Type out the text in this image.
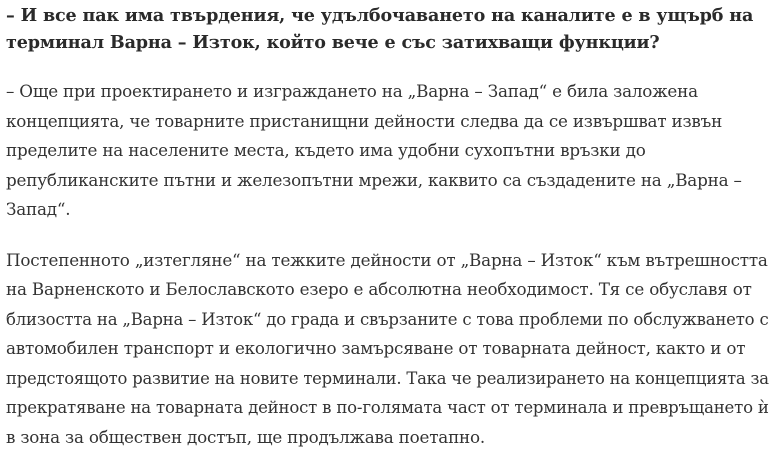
– И все пак има твърдения, че удълбочаването на каналите е в ущърб на
терминал Варна – Изток, който вече е със затихващи функции?

– Още при проектирането и изграждането на „Варна – Запад“ е била заложена
концепцията, че товарните пристанищни дейности следва да се извършват извън
пределите на населените места, където има удобни сухопътни връзки до
републиканските пътни и железопътни мрежи, каквито са създадените на „Варна –
Запад“.

Постепенното „изтегляне“ на тежките дейности от „Варна – Изток“ към вътрешността
на Варненското и Белославското езеро е абсолютна необходимост. Тя се обуславя от
близостта на „Варна – Изток“ до града и свързаните с това проблеми по обслужването с
автомобилен транспорт и екологично замърсяване от товарната дейност, както и от
предстоящото развитие на новите терминали. Така че реализирането на концепцията за
прекратяване на товарната дейност в по-голямата част от терминала и превръщането ѝ
в зона за обществен достъп, ще продължава поетапно.
